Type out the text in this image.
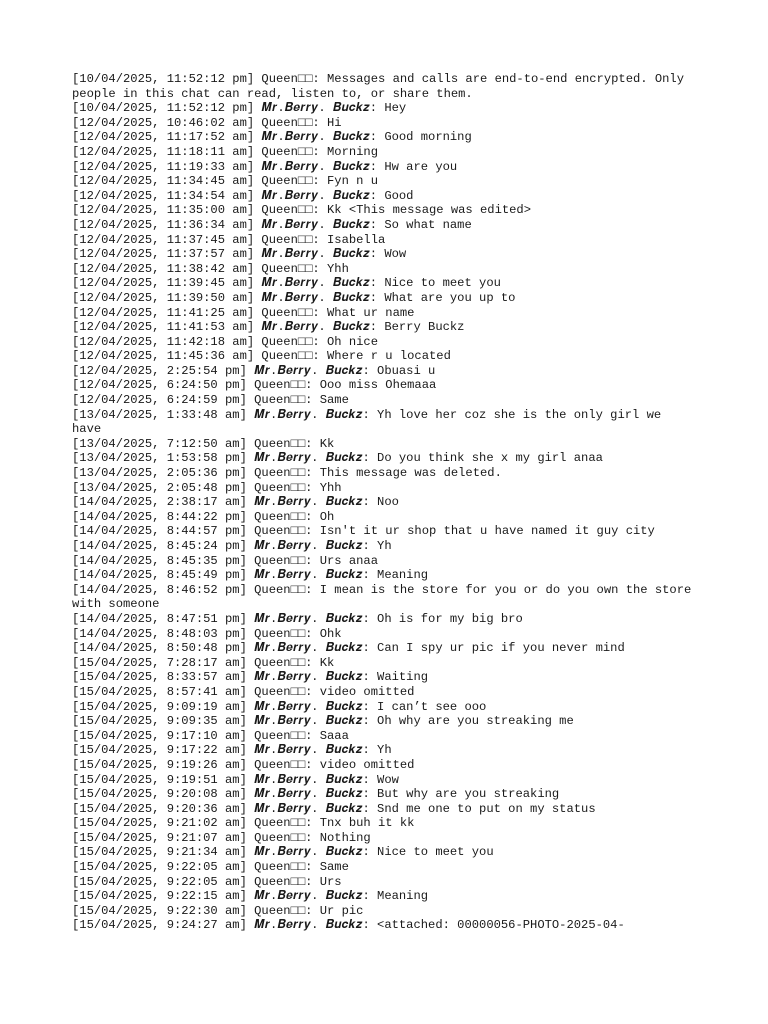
[10/04/2025, 11:52:12 pm] Queen□□: Messages and calls are end-to-end encrypted. Only people in this chat can read, listen to, or share them.
[10/04/2025, 11:52:12 pm] 𝑴𝒓.𝑩𝒆𝒓𝒓𝒚. 𝑩𝒖𝒄𝒌𝒛: Hey
[12/04/2025, 10:46:02 am] Queen□□: Hi
[12/04/2025, 11:17:52 am] 𝑴𝒓.𝑩𝒆𝒓𝒓𝒚. 𝑩𝒖𝒄𝒌𝒛: Good morning
[12/04/2025, 11:18:11 am] Queen□□: Morning
[12/04/2025, 11:19:33 am] 𝑴𝒓.𝑩𝒆𝒓𝒓𝒚. 𝑩𝒖𝒄𝒌𝒛: Hw are you
[12/04/2025, 11:34:45 am] Queen□□: Fyn n u
[12/04/2025, 11:34:54 am] 𝑴𝒓.𝑩𝒆𝒓𝒓𝒚. 𝑩𝒖𝒄𝒌𝒛: Good
[12/04/2025, 11:35:00 am] Queen□□: Kk <This message was edited>
[12/04/2025, 11:36:34 am] 𝑴𝒓.𝑩𝒆𝒓𝒓𝒚. 𝑩𝒖𝒄𝒌𝒛: So what name
[12/04/2025, 11:37:45 am] Queen□□: Isabella
[12/04/2025, 11:37:57 am] 𝑴𝒓.𝑩𝒆𝒓𝒓𝒚. 𝑩𝒖𝒄𝒌𝒛: Wow
[12/04/2025, 11:38:42 am] Queen□□: Yhh
[12/04/2025, 11:39:45 am] 𝑴𝒓.𝑩𝒆𝒓𝒓𝒚. 𝑩𝒖𝒄𝒌𝒛: Nice to meet you
[12/04/2025, 11:39:50 am] 𝑴𝒓.𝑩𝒆𝒓𝒓𝒚. 𝑩𝒖𝒄𝒌𝒛: What are you up to
[12/04/2025, 11:41:25 am] Queen□□: What ur name
[12/04/2025, 11:41:53 am] 𝑴𝒓.𝑩𝒆𝒓𝒓𝒚. 𝑩𝒖𝒄𝒌𝒛: Berry Buckz
[12/04/2025, 11:42:18 am] Queen□□: Oh nice
[12/04/2025, 11:45:36 am] Queen□□: Where r u located
[12/04/2025, 2:25:54 pm] 𝑴𝒓.𝑩𝒆𝒓𝒓𝒚. 𝑩𝒖𝒄𝒌𝒛: Obuasi u
[12/04/2025, 6:24:50 pm] Queen□□: Ooo miss Ohemaaa
[12/04/2025, 6:24:59 pm] Queen□□: Same
[13/04/2025, 1:33:48 am] 𝑴𝒓.𝑩𝒆𝒓𝒓𝒚. 𝑩𝒖𝒄𝒌𝒛: Yh love her coz she is the only girl we have
[13/04/2025, 7:12:50 am] Queen□□: Kk
[13/04/2025, 1:53:58 pm] 𝑴𝒓.𝑩𝒆𝒓𝒓𝒚. 𝑩𝒖𝒄𝒌𝒛: Do you think she x my girl anaa
[13/04/2025, 2:05:36 pm] Queen□□: This message was deleted.
[13/04/2025, 2:05:48 pm] Queen□□: Yhh
[14/04/2025, 2:38:17 am] 𝑴𝒓.𝑩𝒆𝒓𝒓𝒚. 𝑩𝒖𝒄𝒌𝒛: Noo
[14/04/2025, 8:44:22 pm] Queen□□: Oh
[14/04/2025, 8:44:57 pm] Queen□□: Isn't it ur shop that u have named it guy city
[14/04/2025, 8:45:24 pm] 𝑴𝒓.𝑩𝒆𝒓𝒓𝒚. 𝑩𝒖𝒄𝒌𝒛: Yh
[14/04/2025, 8:45:35 pm] Queen□□: Urs anaa
[14/04/2025, 8:45:49 pm] 𝑴𝒓.𝑩𝒆𝒓𝒓𝒚. 𝑩𝒖𝒄𝒌𝒛: Meaning
[14/04/2025, 8:46:52 pm] Queen□□: I mean is the store for you or do you own the store with someone
[14/04/2025, 8:47:51 pm] 𝑴𝒓.𝑩𝒆𝒓𝒓𝒚. 𝑩𝒖𝒄𝒌𝒛: Oh is for my big bro
[14/04/2025, 8:48:03 pm] Queen□□: Ohk
[14/04/2025, 8:50:48 pm] 𝑴𝒓.𝑩𝒆𝒓𝒓𝒚. 𝑩𝒖𝒄𝒌𝒛: Can I spy ur pic if you never mind
[15/04/2025, 7:28:17 am] Queen□□: Kk
[15/04/2025, 8:33:57 am] 𝑴𝒓.𝑩𝒆𝒓𝒓𝒚. 𝑩𝒖𝒄𝒌𝒛: Waiting
[15/04/2025, 8:57:41 am] Queen□□: video omitted
[15/04/2025, 9:09:19 am] 𝑴𝒓.𝑩𝒆𝒓𝒓𝒚. 𝑩𝒖𝒄𝒌𝒛: I can’t see ooo
[15/04/2025, 9:09:35 am] 𝑴𝒓.𝑩𝒆𝒓𝒓𝒚. 𝑩𝒖𝒄𝒌𝒛: Oh why are you streaking me
[15/04/2025, 9:17:10 am] Queen□□: Saaa
[15/04/2025, 9:17:22 am] 𝑴𝒓.𝑩𝒆𝒓𝒓𝒚. 𝑩𝒖𝒄𝒌𝒛: Yh
[15/04/2025, 9:19:26 am] Queen□□: video omitted
[15/04/2025, 9:19:51 am] 𝑴𝒓.𝑩𝒆𝒓𝒓𝒚. 𝑩𝒖𝒄𝒌𝒛: Wow
[15/04/2025, 9:20:08 am] 𝑴𝒓.𝑩𝒆𝒓𝒓𝒚. 𝑩𝒖𝒄𝒌𝒛: But why are you streaking
[15/04/2025, 9:20:36 am] 𝑴𝒓.𝑩𝒆𝒓𝒓𝒚. 𝑩𝒖𝒄𝒌𝒛: Snd me one to put on my status
[15/04/2025, 9:21:02 am] Queen□□: Tnx buh it kk
[15/04/2025, 9:21:07 am] Queen□□: Nothing
[15/04/2025, 9:21:34 am] 𝑴𝒓.𝑩𝒆𝒓𝒓𝒚. 𝑩𝒖𝒄𝒌𝒛: Nice to meet you
[15/04/2025, 9:22:05 am] Queen□□: Same
[15/04/2025, 9:22:05 am] Queen□□: Urs
[15/04/2025, 9:22:15 am] 𝑴𝒓.𝑩𝒆𝒓𝒓𝒚. 𝑩𝒖𝒄𝒌𝒛: Meaning
[15/04/2025, 9:22:30 am] Queen□□: Ur pic
[15/04/2025, 9:24:27 am] 𝑴𝒓.𝑩𝒆𝒓𝒓𝒚. 𝑩𝒖𝒄𝒌𝒛: <attached: 00000056-PHOTO-2025-04-
